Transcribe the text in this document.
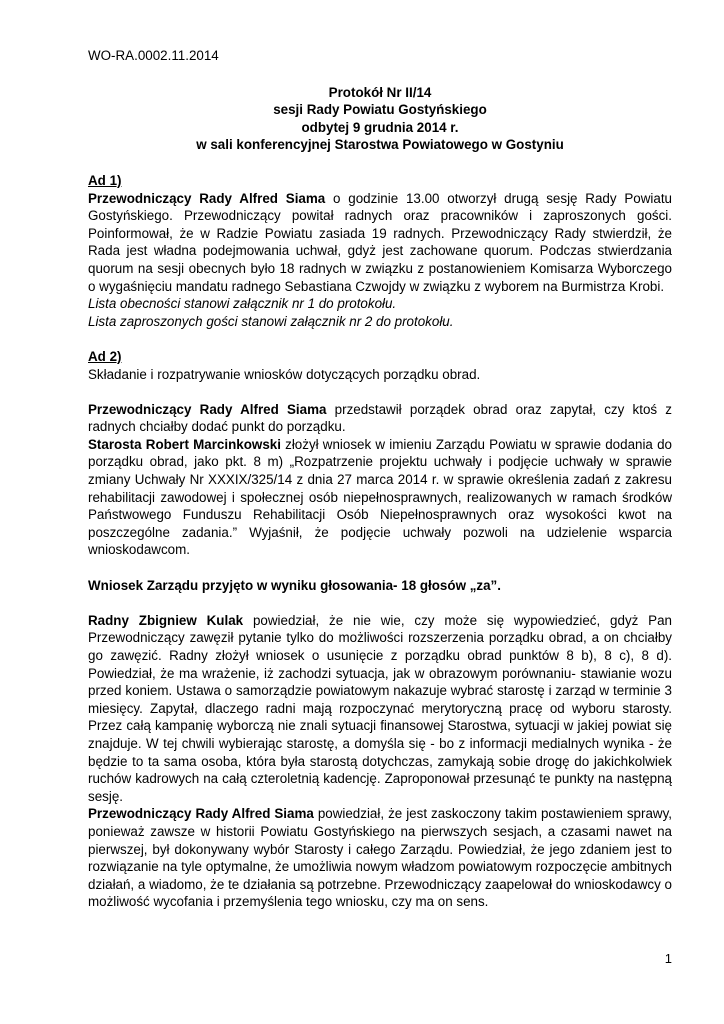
WO-RA.0002.11.2014
Protokół Nr II/14
sesji Rady Powiatu Gostyńskiego
odbytej 9 grudnia 2014 r.
w sali konferencyjnej Starostwa Powiatowego w Gostyniu

Ad 1)

Przewodniczący Rady Alfred Siama o godzinie 13.00 otworzył drugą sesję Rady Powiatu Gostyńskiego. Przewodniczący powitał radnych oraz pracowników i zaproszonych gości. Poinformował, że w Radzie Powiatu zasiada 19 radnych. Przewodniczący Rady stwierdził, że Rada jest władna podejmowania uchwał, gdyż jest zachowane quorum. Podczas stwierdzania quorum na sesji obecnych było 18 radnych w związku z postanowieniem Komisarza Wyborczego o wygaśnięciu mandatu radnego Sebastiana Czwojdy w związku z wyborem na Burmistrza Krobi.

Lista obecności stanowi załącznik nr 1 do protokołu.

Lista zaproszonych gości stanowi załącznik nr 2 do protokołu.

Ad 2)

Składanie i rozpatrywanie wniosków dotyczących porządku obrad.

Przewodniczący Rady Alfred Siama przedstawił porządek obrad oraz zapytał, czy ktoś z radnych chciałby dodać punkt do porządku.

Starosta Robert Marcinkowski złożył wniosek w imieniu Zarządu Powiatu w sprawie dodania do porządku obrad, jako pkt. 8 m) „Rozpatrzenie projektu uchwały i podjęcie uchwały w sprawie zmiany Uchwały Nr XXXIX/325/14 z dnia 27 marca 2014 r. w sprawie określenia zadań z zakresu rehabilitacji zawodowej i społecznej osób niepełnosprawnych, realizowanych w ramach środków Państwowego Funduszu Rehabilitacji Osób Niepełnosprawnych oraz wysokości kwot na poszczególne zadania.” Wyjaśnił, że podjęcie uchwały pozwoli na udzielenie wsparcia wnioskodawcom.

Wniosek Zarządu przyjęto w wyniku głosowania- 18 głosów „za”.

Radny Zbigniew Kulak powiedział, że nie wie, czy może się wypowiedzieć, gdyż Pan Przewodniczący zawęził pytanie tylko do możliwości rozszerzenia porządku obrad, a on chciałby go zawęzić. Radny złożył wniosek o usunięcie z porządku obrad punktów 8 b), 8 c), 8 d). Powiedział, że ma wrażenie, iż zachodzi sytuacja, jak w obrazowym porównaniu- stawianie wozu przed koniem. Ustawa o samorządzie powiatowym nakazuje wybrać starostę i zarząd w terminie 3 miesięcy. Zapytał, dlaczego radni mają rozpoczynać merytoryczną pracę od wyboru starosty. Przez całą kampanię wyborczą nie znali sytuacji finansowej Starostwa, sytuacji w jakiej powiat się znajduje. W tej chwili wybierając starostę, a domyśla się - bo z informacji medialnych wynika - że będzie to ta sama osoba, która była starostą dotychczas, zamykają sobie drogę do jakichkolwiek ruchów kadrowych na całą czteroletnią kadencję. Zaproponował przesunąć te punkty na następną sesję.

Przewodniczący Rady Alfred Siama powiedział, że jest zaskoczony takim postawieniem sprawy, ponieważ zawsze w historii Powiatu Gostyńskiego na pierwszych sesjach, a czasami nawet na pierwszej, był dokonywany wybór Starosty i całego Zarządu. Powiedział, że jego zdaniem jest to rozwiązanie na tyle optymalne, że umożliwia nowym władzom powiatowym rozpoczęcie ambitnych działań, a wiadomo, że te działania są potrzebne. Przewodniczący zaapelował do wnioskodawcy o możliwość wycofania i przemyślenia tego wniosku, czy ma on sens.

1
